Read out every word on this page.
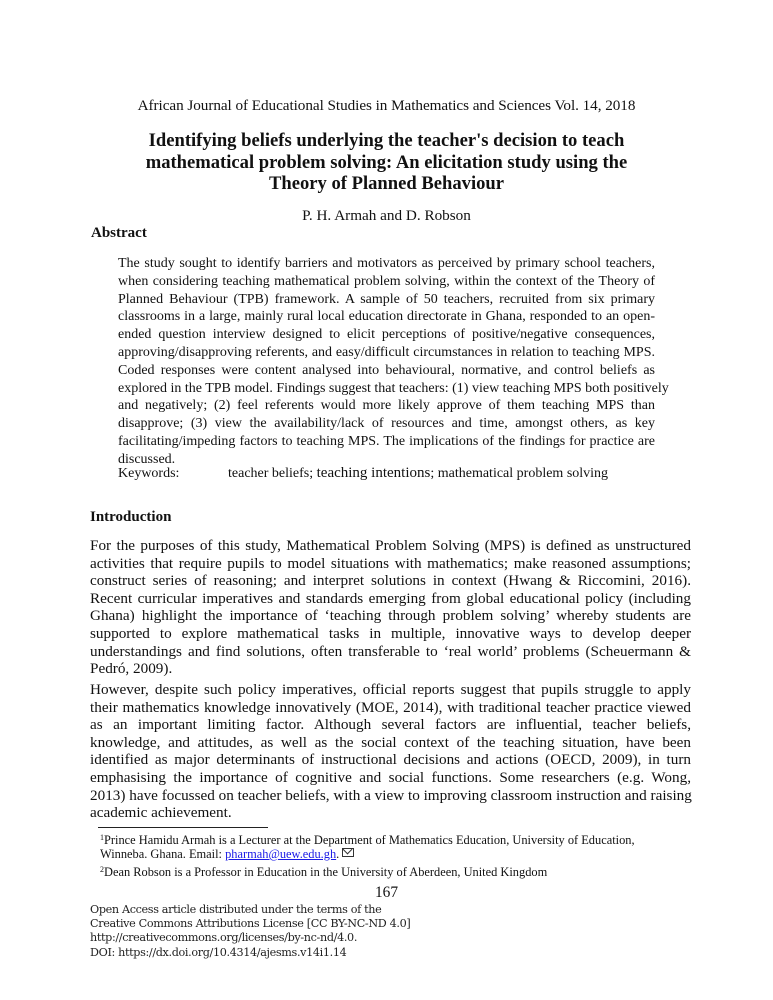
African Journal of Educational Studies in Mathematics and Sciences Vol. 14, 2018
Identifying beliefs underlying the teacher's decision to teach
mathematical problem solving: An elicitation study using the
Theory of Planned Behaviour
P. H. Armah and D. Robson
Abstract
The study sought to identify barriers and motivators as perceived by primary school teachers,
when considering teaching mathematical problem solving, within the context of the Theory of
Planned Behaviour (TPB) framework. A sample of 50 teachers, recruited from six primary
classrooms in a large, mainly rural local education directorate in Ghana, responded to an open-
ended question interview designed to elicit perceptions of positive/negative consequences,
approving/disapproving referents, and easy/difficult circumstances in relation to teaching MPS.
Coded responses were content analysed into behavioural, normative, and control beliefs as
explored in the TPB model. Findings suggest that teachers: (1) view teaching MPS both positively
and negatively; (2) feel referents would more likely approve of them teaching MPS than
disapprove; (3) view the availability/lack of resources and time, amongst others, as key
facilitating/impeding factors to teaching MPS. The implications of the findings for practice are
discussed.
Keywords:	teacher beliefs; teaching intentions; mathematical problem solving
Introduction
For the purposes of this study, Mathematical Problem Solving (MPS) is defined as unstructured
activities that require pupils to model situations with mathematics; make reasoned assumptions;
construct series of reasoning; and interpret solutions in context (Hwang & Riccomini, 2016).
Recent curricular imperatives and standards emerging from global educational policy (including
Ghana) highlight the importance of ‘teaching through problem solving’ whereby students are
supported to explore mathematical tasks in multiple, innovative ways to develop deeper
understandings and find solutions, often transferable to ‘real world’ problems (Scheuermann &
Pedró, 2009).
However, despite such policy imperatives, official reports suggest that pupils struggle to apply
their mathematics knowledge innovatively (MOE, 2014), with traditional teacher practice viewed
as an important limiting factor. Although several factors are influential, teacher beliefs,
knowledge, and attitudes, as well as the social context of the teaching situation, have been
identified as major determinants of instructional decisions and actions (OECD, 2009), in turn
emphasising the importance of cognitive and social functions. Some researchers (e.g. Wong,
2013) have focussed on teacher beliefs, with a view to improving classroom instruction and raising
academic achievement.
$^1$Prince Hamidu Armah is a Lecturer at the Department of Mathematics Education, University of Education,
Winneba. Ghana. Email: pharmah@uew.edu.gh.
$^2$Dean Robson is a Professor in Education in the University of Aberdeen, United Kingdom
167
Open Access article distributed under the terms of the
Creative Commons Attributions License [CC BY-NC-ND 4.0]
http://creativecommons.org/licenses/by-nc-nd/4.0.
DOI: https://dx.doi.org/10.4314/ajesms.v14i1.14
